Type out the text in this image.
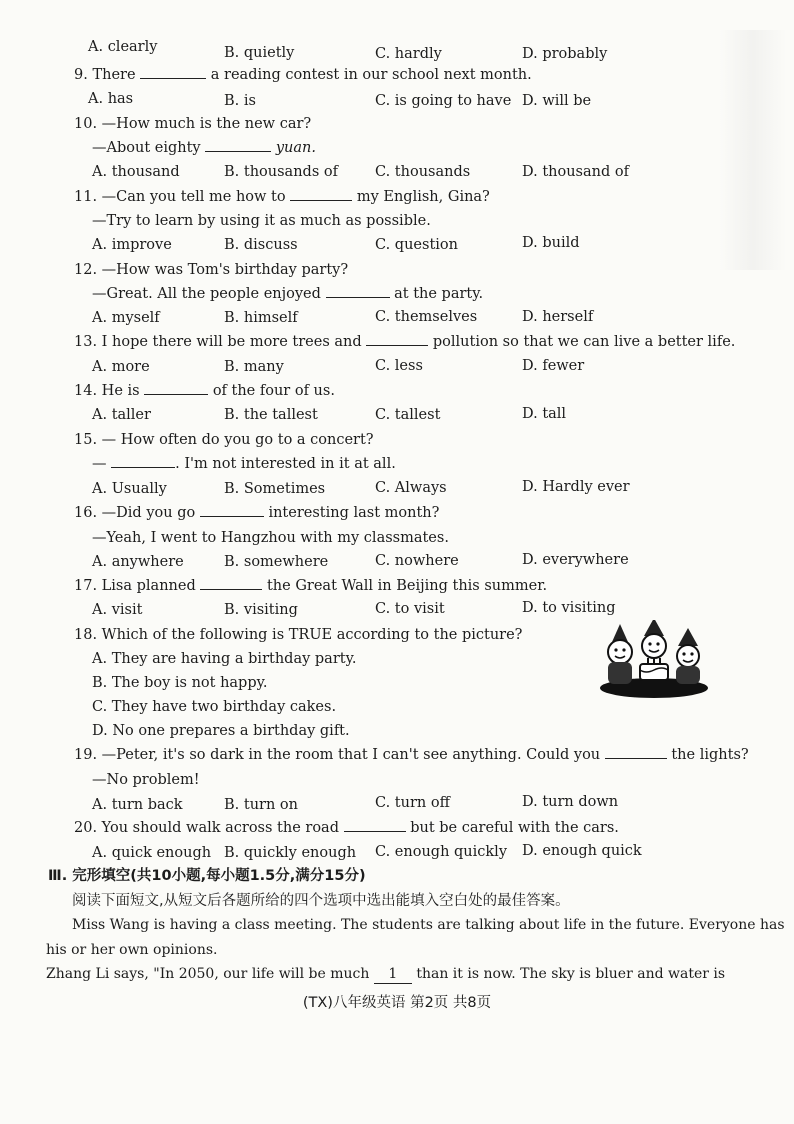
A. clearly	B. quietly	C. hardly	D. probably
9. There	a reading contest in our school next month.
A. has	B. is	C. is going to have D. will be
10. —How much is the new car?
—About eighty	yuan.
A. thousand	B. thousands of	C. thousands	D. thousand of
11. —Can you tell me how to	my English, Gina?
—Try to learn by using it as much as possible.
A. improve	B. discuss	C. question	D. build
12. —How was Tom's birthday party?
—Great. All the people enjoyed	at the party.
A. myself	B. himself	C. themselves	D. herself
13. I hope there will be more trees and	pollution so that we can live a better life.
A. more	B. many	C. less	D. fewer
14. He is	of the four of us.
A. taller	B. the tallest	C. tallest	D. tall
15. — How often do you go to a concert?
—	. I'm not interested in it at all.
A. Usually	B. Sometimes	C. Always	D. Hardly ever
16. —Did you go	interesting last month?
—Yeah, I went to Hangzhou with my classmates.
A. anywhere	B. somewhere	C. nowhere	D. everywhere
17. Lisa planned	the Great Wall in Beijing this summer.
A. visit	B. visiting	C. to visit	D. to visiting
18. Which of the following is TRUE according to the picture?
A. They are having a birthday party.
B. The boy is not happy.
C. They have two birthday cakes.
D. No one prepares a birthday gift.
19. —Peter, it's so dark in the room that I can't see anything. Could you	the lights?
—No problem!
A. turn back	B. turn on	C. turn off	D. turn down
20. You should walk across the road	but be careful with the cars.
A. quick enough B. quickly enough C. enough quickly D. enough quick
Ⅲ. 完形填空(共10小题,每小题1.5分,满分15分)
阅读下面短文,从短文后各题所给的四个选项中选出能填入空白处的最佳答案。
Miss Wang is having a class meeting. The students are talking about life in the future. Everyone has
his or her own opinions.
Zhang Li says, "In 2050, our life will be much 1 than it is now. The sky is bluer and water is
(TX)八年级英语 第2页 共8页
